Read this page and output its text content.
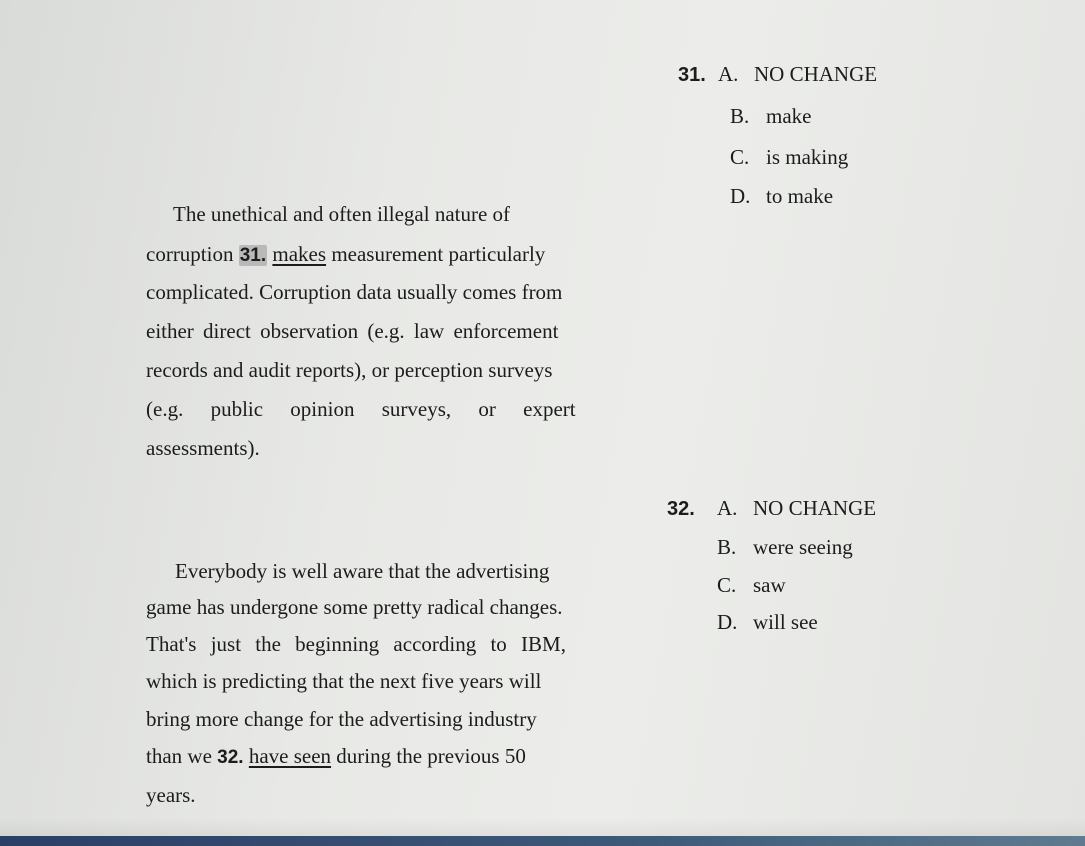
The unethical and often illegal nature of
corruption 31. makes measurement particularly
complicated. Corruption data usually comes from
either direct observation (e.g. law enforcement
records and audit reports), or perception surveys
(e.g. public opinion surveys, or expert
assessments).
31. A. NO CHANGE
B. make
C. is making
D. to make
32. A. NO CHANGE
B. were seeing
C. saw
D. will see
Everybody is well aware that the advertising
game has undergone some pretty radical changes.
That's just the beginning according to IBM,
which is predicting that the next five years will
bring more change for the advertising industry
than we 32. have seen during the previous 50
years.
